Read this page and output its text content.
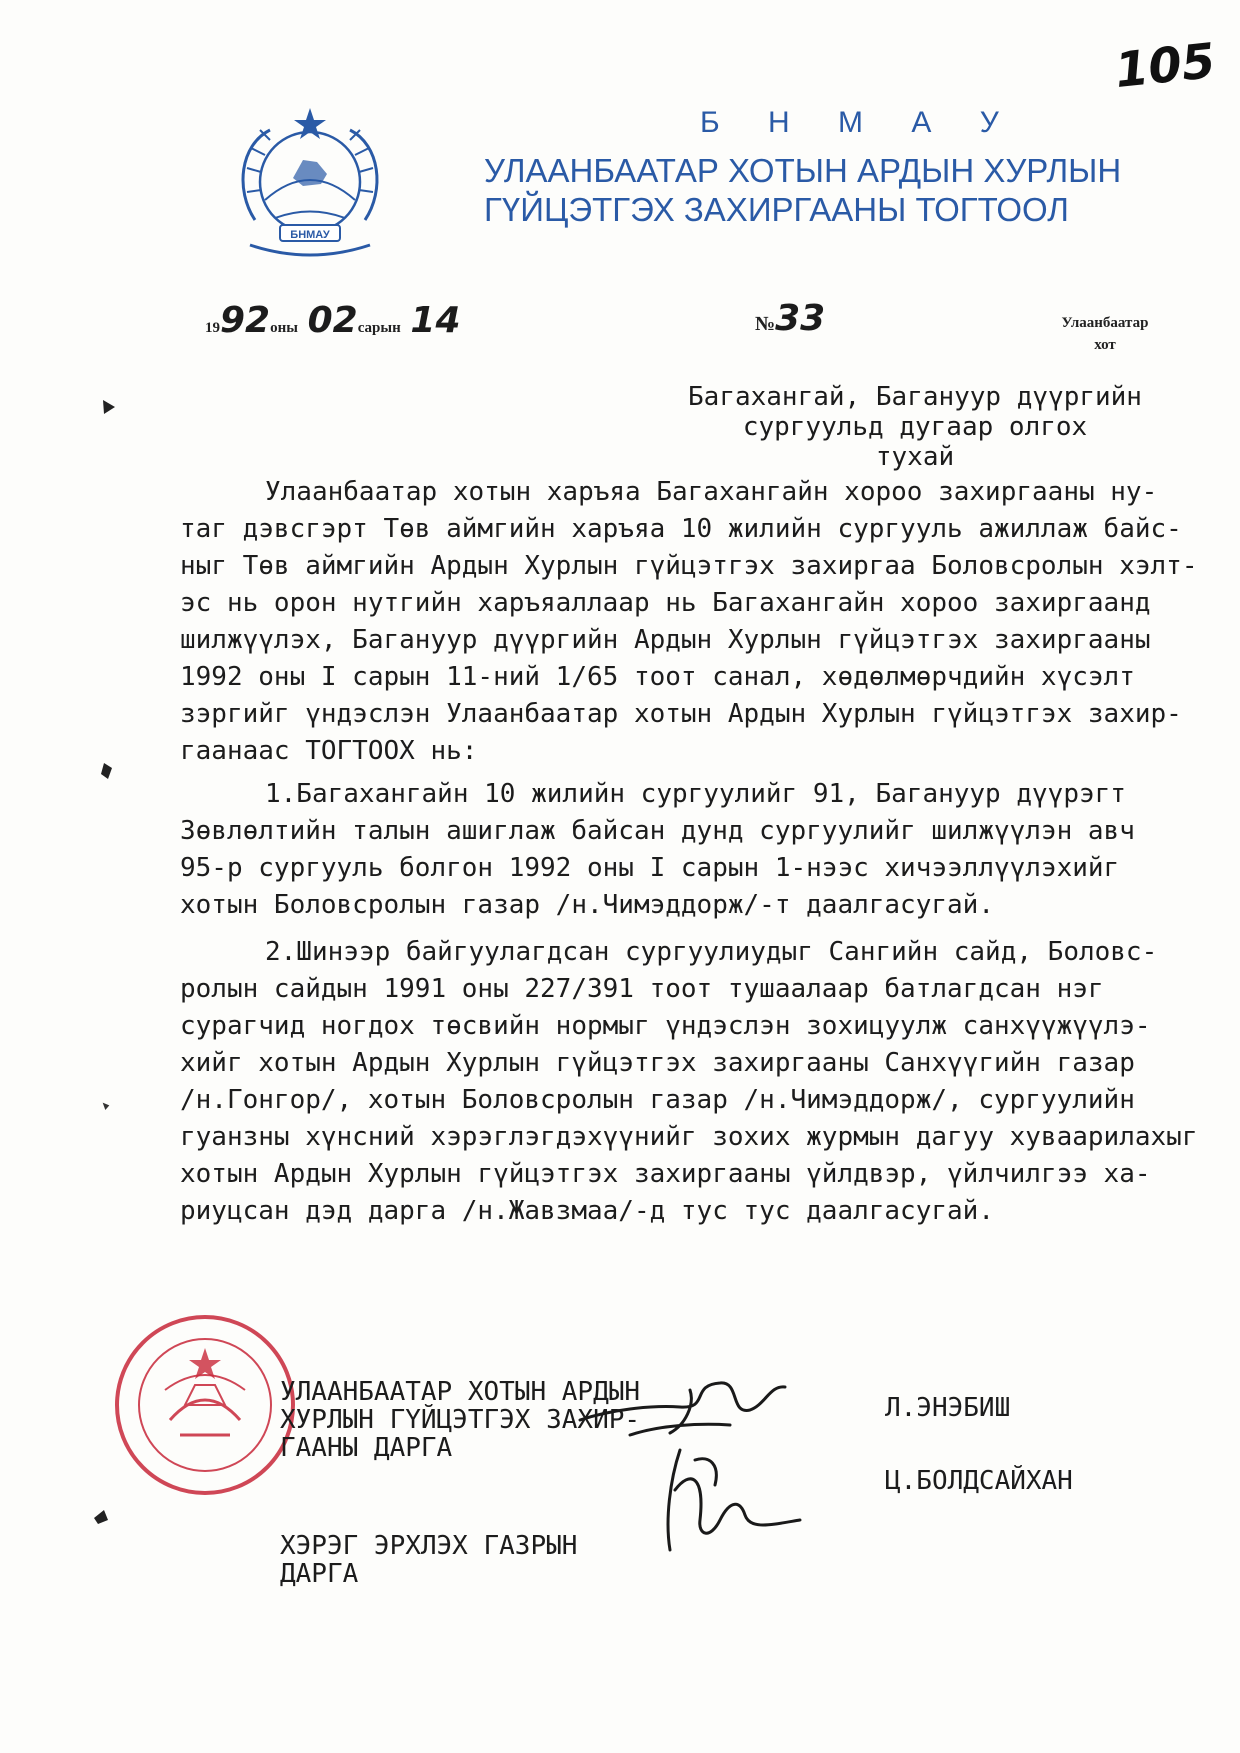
105
БНМАУ
Б Н М А У
УЛААНБААТАР ХОТЫН АРДЫН ХУРЛЫН
ГҮЙЦЭТГЭХ ЗАХИРГААНЫ ТОГТООЛ
1992оны 02сарын 14	№33	Улаанбаатар
хот
Багахангай, Багануур дүүргийн
сургуульд дугаар олгох
тухай

Улаанбаатар хотын харъяа Багахангайн хороо захиргааны ну-
таг дэвсгэрт Төв аймгийн харъяа 10 жилийн сургууль ажиллаж байс-
ныг Төв аймгийн Ардын Хурлын гүйцэтгэх захиргаа Боловсролын хэлт-
эс нь орон нутгийн харъяаллаар нь Багахангайн хороо захиргаанд
шилжүүлэх, Багануур дүүргийн Ардын Хурлын гүйцэтгэх захиргааны
1992 оны I сарын 11-ний 1/65 тоот санал, хөдөлмөрчдийн хүсэлт
зэргийг үндэслэн Улаанбаатар хотын Ардын Хурлын гүйцэтгэх захир-
гаанаас ТОГТООХ нь:

1.Багахангайн 10 жилийн сургуулийг 91, Багануур дүүрэгт
Зөвлөлтийн талын ашиглаж байсан дунд сургуулийг шилжүүлэн авч
95-р сургууль болгон 1992 оны I сарын 1-нээс хичээллүүлэхийг
хотын Боловсролын газар /н.Чимэддорж/-т даалгасугай.

2.Шинээр байгуулагдсан сургуулиудыг Сангийн сайд, Боловс-
ролын сайдын 1991 оны 227/391 тоот тушаалаар батлагдсан нэг
сурагчид ногдох төсвийн нормыг үндэслэн зохицуулж санхүүжүүлэ-
хийг хотын Ардын Хурлын гүйцэтгэх захиргааны Санхүүгийн газар
/н.Гонгор/, хотын Боловсролын газар /н.Чимэддорж/, сургуулийн
гуанзны хүнсний хэрэглэгдэхүүнийг зохих журмын дагуу хуваарилахыг
хотын Ардын Хурлын гүйцэтгэх захиргааны үйлдвэр, үйлчилгээ ха-
риуцсан дэд дарга /н.Жавзмаа/-д тус тус даалгасугай.

УЛААНБААТАР ХОТЫН АРДЫН
ХУРЛЫН ГҮЙЦЭТГЭХ ЗАХИР-
ГААНЫ ДАРГА

ХЭРЭГ ЭРХЛЭХ ГАЗРЫН
ДАРГА

Л.ЭНЭБИШ
Ц.БОЛДСАЙХАН
